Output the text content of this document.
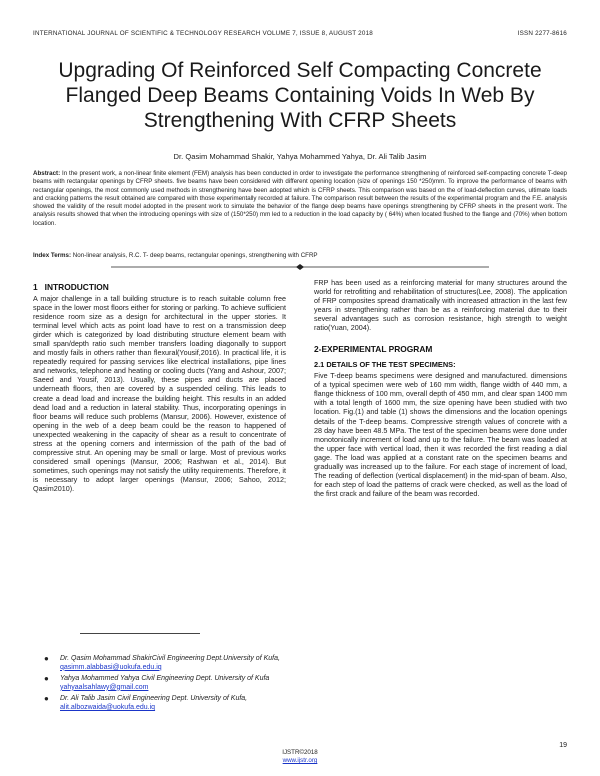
INTERNATIONAL JOURNAL OF SCIENTIFIC & TECHNOLOGY RESEARCH VOLUME 7, ISSUE 8, AUGUST 2018	ISSN 2277-8616
Upgrading Of Reinforced Self Compacting Concrete Flanged Deep Beams Containing Voids In Web By Strengthening With CFRP Sheets
Dr. Qasim Mohammad Shakir, Yahya Mohammed Yahya, Dr. Ali Talib Jasim

Abstract: In the present work, a non-linear finite element (FEM) analysis has been conducted in order to investigate the performance strengthening of reinforced self-compacting concrete T-deep beams with rectangular openings by CFRP sheets. five beams have been considered with different opening location (size of openings 150 *250)mm. To improve the performance of beams with rectangular openings, the most commonly used methods in strengthening have been adopted which is CFRP sheets. This comparison was based on the of load-deflection curves, ultimate loads and cracking patterns the result obtained are compared with those experimentally recorded at failure. The comparison result between the results of the experimental program and the F.E. analysis showed the validity of the result model adopted in the present work to simulate the behavior of the flange deep beams have openings strengthening by CFRP sheets in the present work. The analysis results showed that when the introducing openings with size of (150*250) mm led to a reduction in the load capacity by ( 64%) when located flushed to the flange and (70%) when bottom location.

Index Terms: Non-linear analysis, R.C. T- deep beams, rectangular openings, strengthening with CFRP

1 INTRODUCTION

A major challenge in a tall building structure is to reach suitable column free space in the lower most floors either for storing or parking. To achieve sufficient residence room size as a design for architectural in the upper stories. It terminal level which acts as point load have to rest on a transmission deep girder which is categorized by load distributing structure element beam with small span/depth ratio such member transfers loading diagonally to support and mostly fails in others rather than flexural(Yousif,2016). In practical life, it is repeatedly required for passing services like electrical installations, pipe lines and networks, telephone and heating or cooling ducts (Yang and Ashour, 2007; Saeed and Yousif, 2013). Usually, these pipes and ducts are placed underneath floors, then are covered by a suspended ceiling. This leads to create a dead load and increase the building height. This results in an added dead load and a reduction in lateral stability. Thus, incorporating openings in floor beams will reduce such problems (Mansur, 2006). However, existence of opening in the web of a deep beam could be the reason to happened of unexpected weakening in the capacity of shear as a result to concentrate of stress at the opening corners and intermission of the path of the bad of compressive strut. An opening may be small or large. Most of previous works considered small openings (Mansur, 2006; Rashwan et al., 2014). But sometimes, such openings may not satisfy the utility requirements. Therefore, it is necessary to adopt larger openings (Mansur, 2006; Sahoo, 2012; Qasim2010).

FRP has been used as a reinforcing material for many structures around the world for retrofitting and rehabilitation of structures(Lee, 2008). The application of FRP composites spread dramatically with increased attraction in the last few years in strengthening rather than be as a reinforcing material due to their several advantages such as corrosion resistance, high strength to weight ratio(Yuan, 2004).

2-EXPERIMENTAL PROGRAM
2.1 DETAILS OF THE TEST SPECIMENS:

Five T-deep beams specimens were designed and manufactured. dimensions of a typical specimen were web of 160 mm width, flange width of 440 mm, a flange thickness of 100 mm, overall depth of 450 mm, and clear span 1400 mm with a total length of 1600 mm, the size opening have been studied with two location. Fig.(1) and table (1) shows the dimensions and the location openings details of the T-deep beams. Compressive strength values of concrete with a 28 day have been 48.5 MPa. The test of the specimen beams were done under monotonically increment of load and up to the failure. The beam was loaded at the upper face with vertical load, then it was recorded the first reading a dial gage. The load was applied at a constant rate on the specimen beams and gradually was increased up to the failure. For each stage of increment of load, The reading of deflection (vertical displacement) in the mid-span of beam. Also, for each step of load the patterns of crack were checked, as well as the load of the first crack and failure of the beam was recorded.

● Dr. Qasim Mohammad ShakirCivil Engineering Dept.University of Kufa, qasimm.alabbasi@uokufa.edu.iq
● Yahya Mohammed Yahya Civil Engineering Dept. University of Kufa yahyaalsahlawy@gmail.com
● Dr. Ali Talib Jasim Civil Engineering Dept. University of Kufa, alit.albozwaida@uokufa.edu.iq
19
IJSTR©2018
www.ijstr.org
